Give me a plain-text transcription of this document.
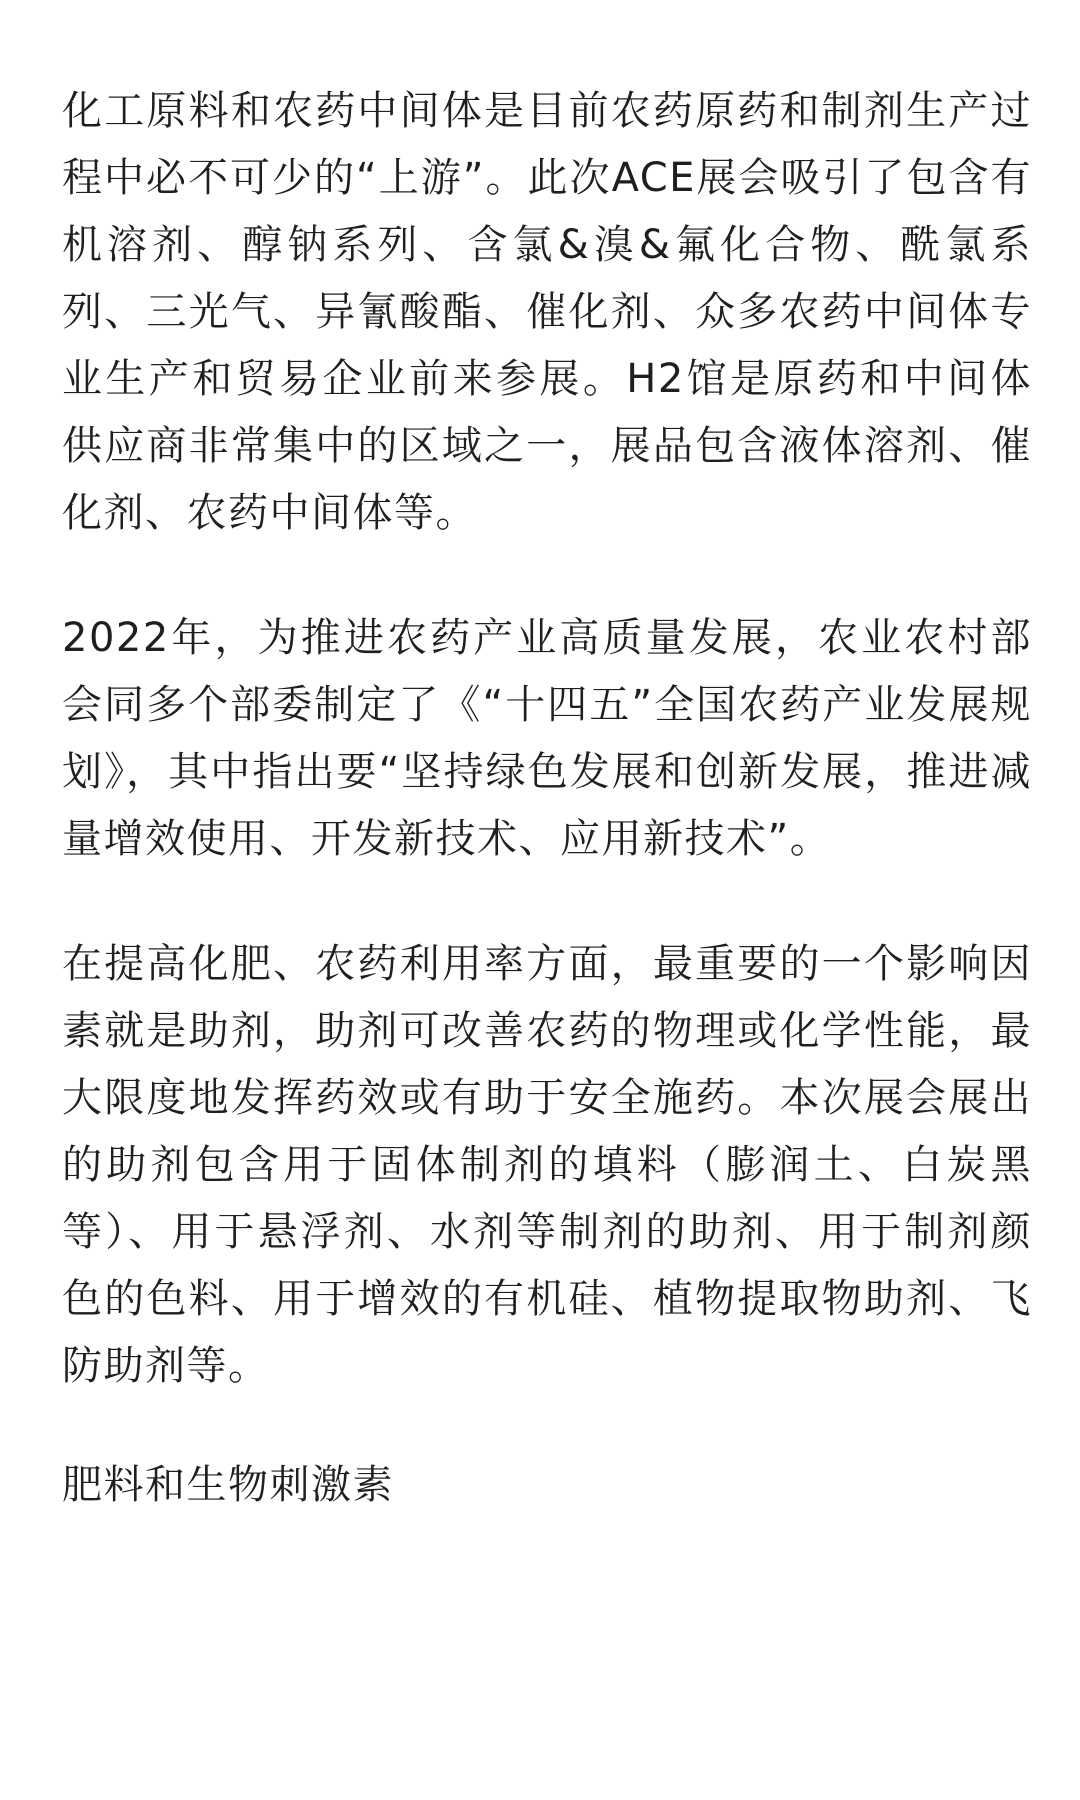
化工原料和农药中间体是目前农药原药和制剂生产过程中必不可少的“上游”。此次ACE展会吸引了包含有机溶剂、醇钠系列、含氯&溴&氟化合物、酰氯系列、三光气、异氰酸酯、催化剂、众多农药中间体专业生产和贸易企业前来参展。H2馆是原药和中间体供应商非常集中的区域之一，展品包含液体溶剂、催化剂、农药中间体等。

2022年，为推进农药产业高质量发展，农业农村部会同多个部委制定了《“十四五”全国农药产业发展规划》，其中指出要“坚持绿色发展和创新发展，推进减量增效使用、开发新技术、应用新技术”。

在提高化肥、农药利用率方面，最重要的一个影响因素就是助剂，助剂可改善农药的物理或化学性能，最大限度地发挥药效或有助于安全施药。本次展会展出的助剂包含用于固体制剂的填料（膨润土、白炭黑等）、用于悬浮剂、水剂等制剂的助剂、用于制剂颜色的色料、用于增效的有机硅、植物提取物助剂、飞防助剂等。

肥料和生物刺激素
